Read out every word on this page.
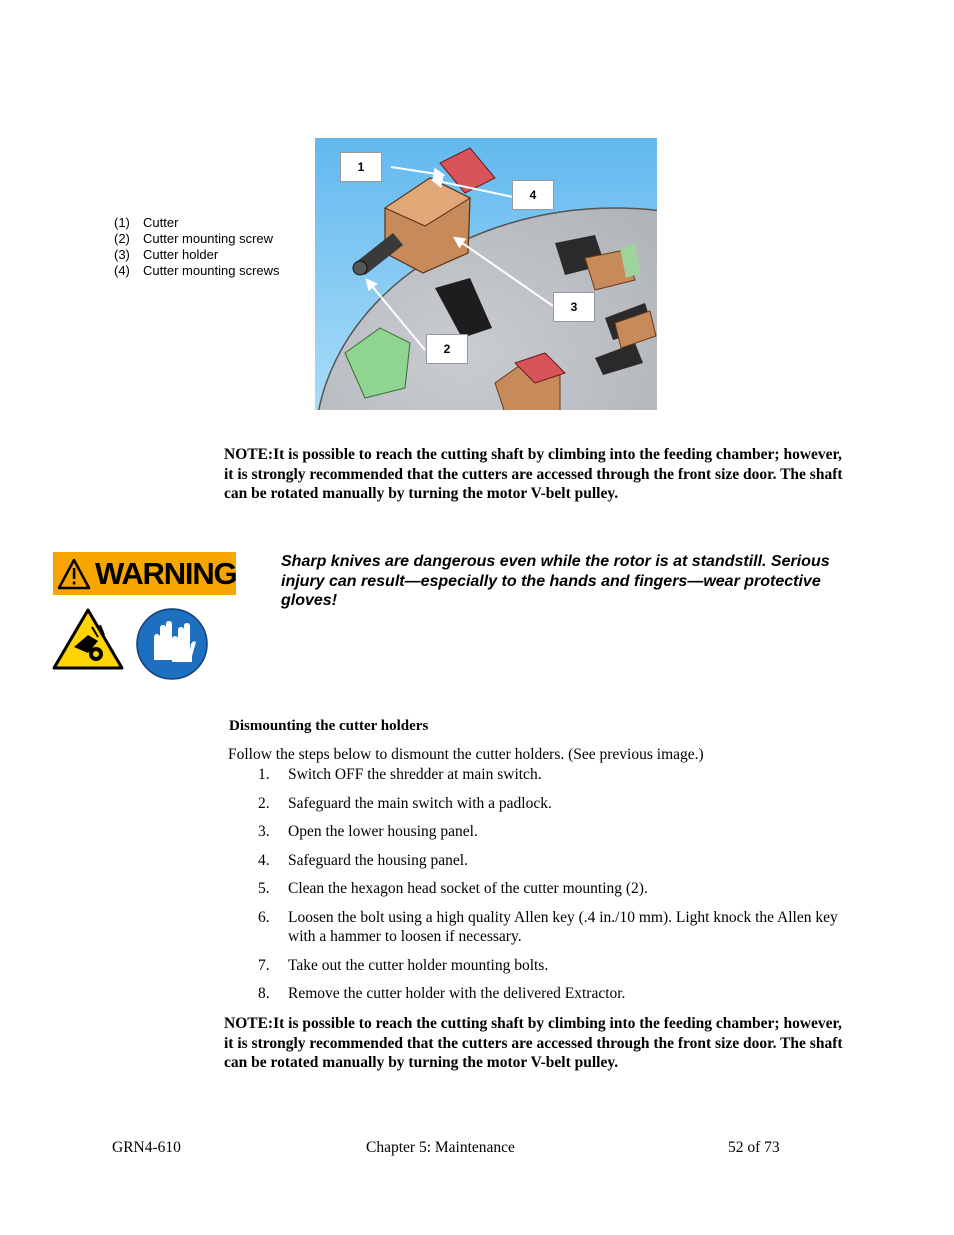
(1)	Cutter
(2)	Cutter mounting screw
(3)	Cutter holder
(4)	Cutter mounting screws
1
4
3
2
NOTE:It is possible to reach the cutting shaft by climbing into the feeding chamber; however, it is strongly recommended that the cutters are accessed through the front size door. The shaft can be rotated manually by turning the motor V-belt pulley.
WARNING	Sharp knives are dangerous even while the rotor is at standstill. Serious injury can result—especially to the hands and fingers—wear protective gloves!
Dismounting the cutter holders
Follow the steps below to dismount the cutter holders. (See previous image.)
1.	Switch OFF the shredder at main switch.
2.	Safeguard the main switch with a padlock.
3.	Open the lower housing panel.
4.	Safeguard the housing panel.
5.	Clean the hexagon head socket of the cutter mounting (2).
6.	Loosen the bolt using a high quality Allen key (.4 in./10 mm). Light knock the Allen key with a hammer to loosen if necessary.
7.	Take out the cutter holder mounting bolts.
8.	Remove the cutter holder with the delivered Extractor.
NOTE:It is possible to reach the cutting shaft by climbing into the feeding chamber; however, it is strongly recommended that the cutters are accessed through the front size door. The shaft can be rotated manually by turning the motor V-belt pulley.
GRN4-610	Chapter 5: Maintenance	52 of 73
